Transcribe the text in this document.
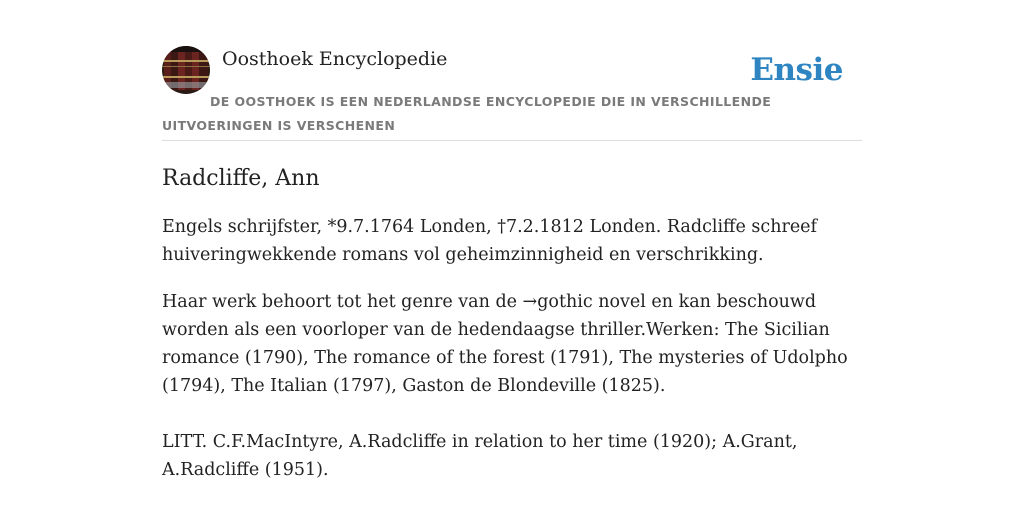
Oosthoek Encyclopedie	Ensie
DE OOSTHOEK IS EEN NEDERLANDSE ENCYCLOPEDIE DIE IN VERSCHILLENDE UITVOERINGEN IS VERSCHENEN
Radcliffe, Ann

Engels schrijfster, *9.7.1764 Londen, †7.2.1812 Londen. Radcliffe schreef huiveringwekkende romans vol geheimzinnigheid en verschrikking.

Haar werk behoort tot het genre van de →gothic novel en kan beschouwd worden als een voorloper van de hedendaagse thriller.Werken: The Sicilian romance (1790), The romance of the forest (1791), The mysteries of Udolpho (1794), The Italian (1797), Gaston de Blondeville (1825).

LITT. C.F.MacIntyre, A.Radcliffe in relation to her time (1920); A.Grant, A.Radcliffe (1951).
